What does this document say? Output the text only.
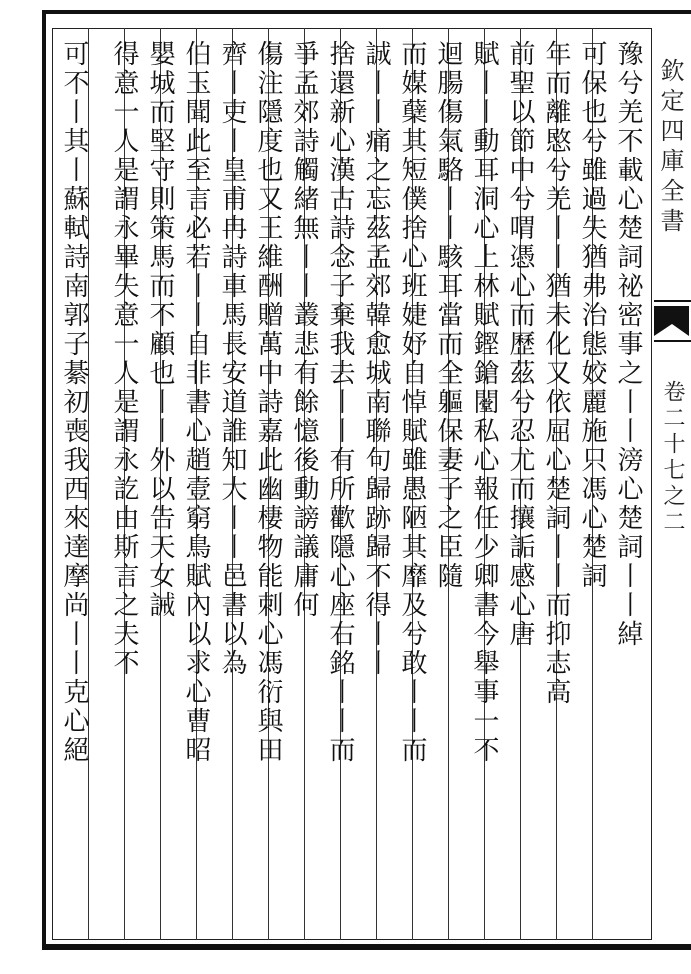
豫兮羌不載心楚詞祕密事之丨丨滂心楚詞丨丨綽
可保也兮雖過失猶弗治態姣麗施只馮心楚詞
年而離愍兮羌丨丨猶未化又依屈心楚詞丨丨而抑志高
前聖以節中兮喟憑心而歷茲兮忍尤而攘詬感心唐
賦丨丨動耳洞心上林賦鏗鎗闛私心報任少卿書今舉事一不
迴腸傷氣駱丨丨駭耳當而全軀保妻子之臣隨
而媒蘖其短僕捨心班婕妤自悼賦雖愚陋其靡及兮敢丨丨而
誠丨丨痛之忘茲孟郊韓愈城南聯句歸跡歸不得丨丨
捨還新心漢古詩念子棄我去丨丨有所歡隱心座右銘丨丨而
爭孟郊詩觸緒無丨丨叢悲有餘憶後動謗議庸何
傷注隱度也又王維酬贈萬中詩嘉此幽棲物能刺心馮衍與田
齊丨吏丨皇甫冉詩車馬長安道誰知大丨丨邑書以為
伯玉聞此至言必若丨丨自非書心趙壹窮鳥賦內以求心曹昭
嬰城而堅守則策馬而不顧也丨丨外以告天女誡
得意一人是謂永畢失意一人是謂永訖由斯言之夫不
可不丨其丨蘇軾詩南郭子綦初喪我西來達摩尚丨丨克心絕	欽定四庫全書
卷二十七之二
